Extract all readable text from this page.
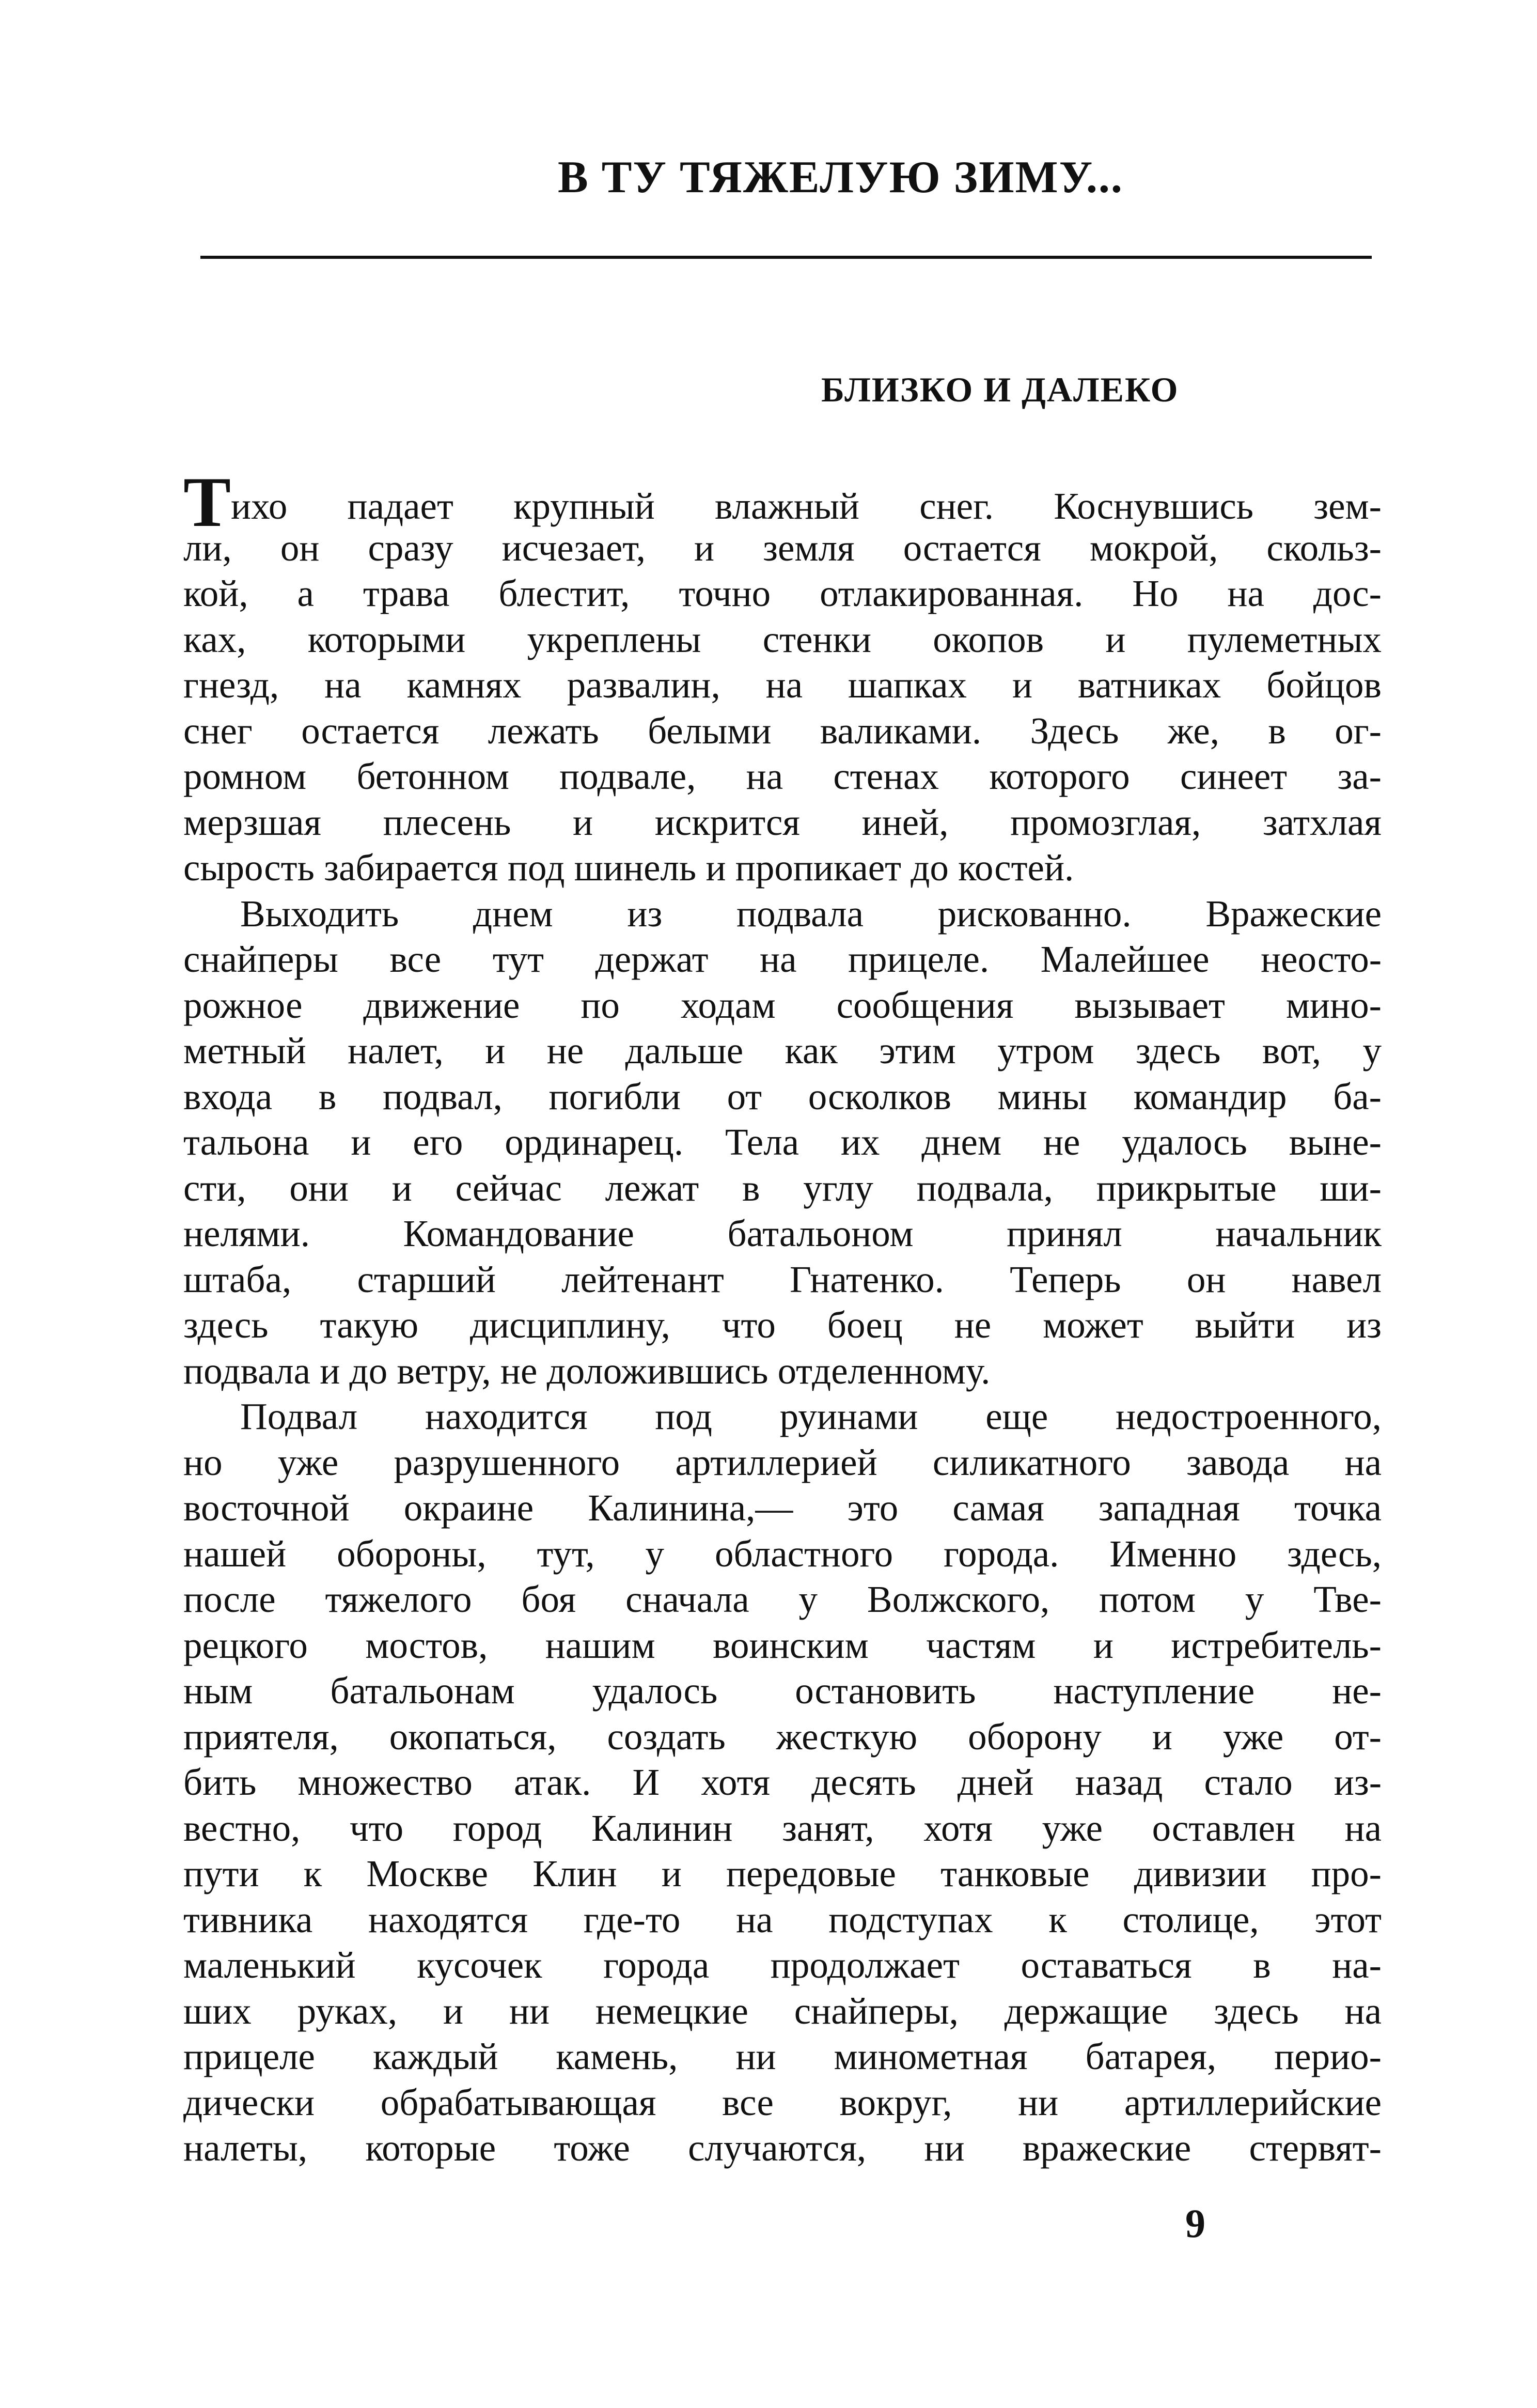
В ТУ ТЯЖЕЛУЮ ЗИМУ...
БЛИЗКО И ДАЛЕКО
Тихо падает крупный влажный снег. Коснувшись зем-
ли, он сразу исчезает, и земля остается мокрой, скольз-
кой, а трава блестит, точно отлакированная. Но на дос-
ках, которыми укреплены стенки окопов и пулеметных
гнезд, на камнях развалин, на шапках и ватниках бойцов
снег остается лежать белыми валиками. Здесь же, в ог-
ромном бетонном подвале, на стенах которого синеет за-
мерзшая плесень и искрится иней, промозглая, затхлая
сырость забирается под шинель и пропикает до костей.
Выходить днем из подвала рискованно. Вражеские
снайперы все тут держат на прицеле. Малейшее неосто-
рожное движение по ходам сообщения вызывает мино-
метный налет, и не дальше как этим утром здесь вот, у
входа в подвал, погибли от осколков мины командир ба-
тальона и его ординарец. Тела их днем не удалось выне-
сти, они и сейчас лежат в углу подвала, прикрытые ши-
нелями. Командование батальоном принял начальник
штаба, старший лейтенант Гнатенко. Теперь он навел
здесь такую дисциплину, что боец не может выйти из
подвала и до ветру, не доложившись отделенному.
Подвал находится под руинами еще недостроенного,
но уже разрушенного артиллерией силикатного завода на
восточной окраине Калинина,— это самая западная точка
нашей обороны, тут, у областного города. Именно здесь,
после тяжелого боя сначала у Волжского, потом у Тве-
рецкого мостов, нашим воинским частям и истребитель-
ным батальонам удалось остановить наступление не-
приятеля, окопаться, создать жесткую оборону и уже от-
бить множество атак. И хотя десять дней назад стало из-
вестно, что город Калинин занят, хотя уже оставлен на
пути к Москве Клин и передовые танковые дивизии про-
тивника находятся где-то на подступах к столице, этот
маленький кусочек города продолжает оставаться в на-
ших руках, и ни немецкие снайперы, держащие здесь на
прицеле каждый камень, ни минометная батарея, перио-
дически обрабатывающая все вокруг, ни артиллерийские
налеты, которые тоже случаются, ни вражеские стервят-
9
